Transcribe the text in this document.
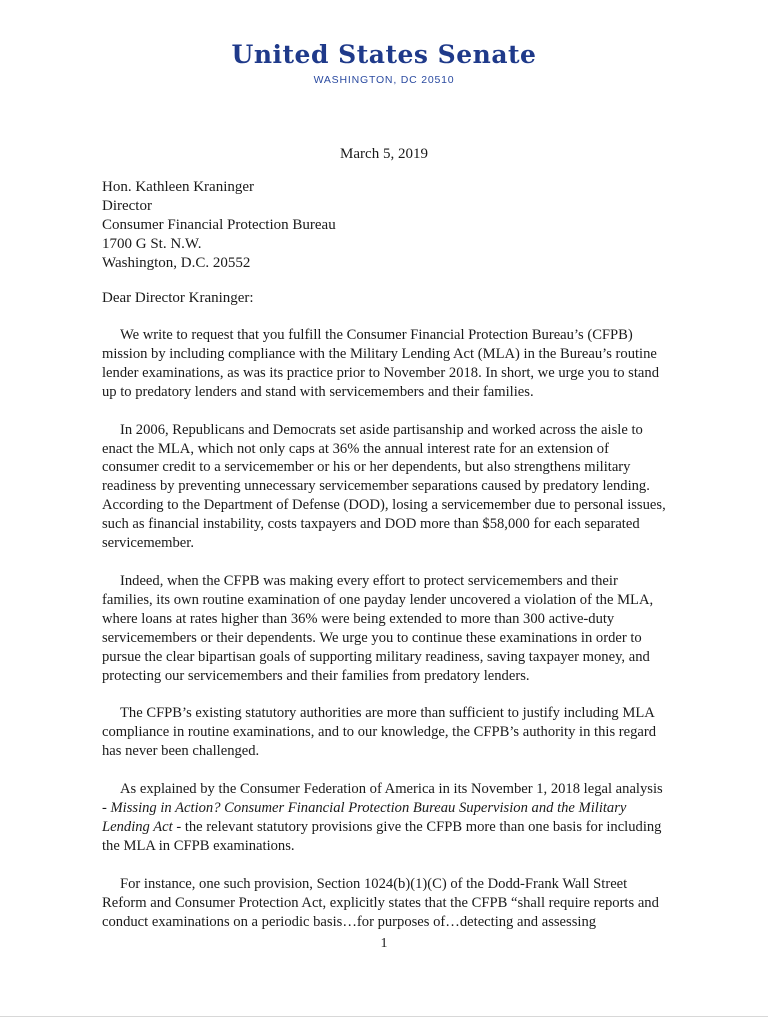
United States Senate
WASHINGTON, DC 20510
March 5, 2019
Hon. Kathleen Kraninger
Director
Consumer Financial Protection Bureau
1700 G St. N.W.
Washington, D.C. 20552
Dear Director Kraninger:

We write to request that you fulfill the Consumer Financial Protection Bureau’s (CFPB) mission by including compliance with the Military Lending Act (MLA) in the Bureau’s routine lender examinations, as was its practice prior to November 2018. In short, we urge you to stand up to predatory lenders and stand with servicemembers and their families.

In 2006, Republicans and Democrats set aside partisanship and worked across the aisle to enact the MLA, which not only caps at 36% the annual interest rate for an extension of consumer credit to a servicemember or his or her dependents, but also strengthens military readiness by preventing unnecessary servicemember separations caused by predatory lending. According to the Department of Defense (DOD), losing a servicemember due to personal issues, such as financial instability, costs taxpayers and DOD more than $58,000 for each separated servicemember.

Indeed, when the CFPB was making every effort to protect servicemembers and their families, its own routine examination of one payday lender uncovered a violation of the MLA, where loans at rates higher than 36% were being extended to more than 300 active-duty servicemembers or their dependents. We urge you to continue these examinations in order to pursue the clear bipartisan goals of supporting military readiness, saving taxpayer money, and protecting our servicemembers and their families from predatory lenders.

The CFPB’s existing statutory authorities are more than sufficient to justify including MLA compliance in routine examinations, and to our knowledge, the CFPB’s authority in this regard has never been challenged.

As explained by the Consumer Federation of America in its November 1, 2018 legal analysis - Missing in Action? Consumer Financial Protection Bureau Supervision and the Military Lending Act - the relevant statutory provisions give the CFPB more than one basis for including the MLA in CFPB examinations.

For instance, one such provision, Section 1024(b)(1)(C) of the Dodd-Frank Wall Street Reform and Consumer Protection Act, explicitly states that the CFPB “shall require reports and conduct examinations on a periodic basis…for purposes of…detecting and assessing

1
